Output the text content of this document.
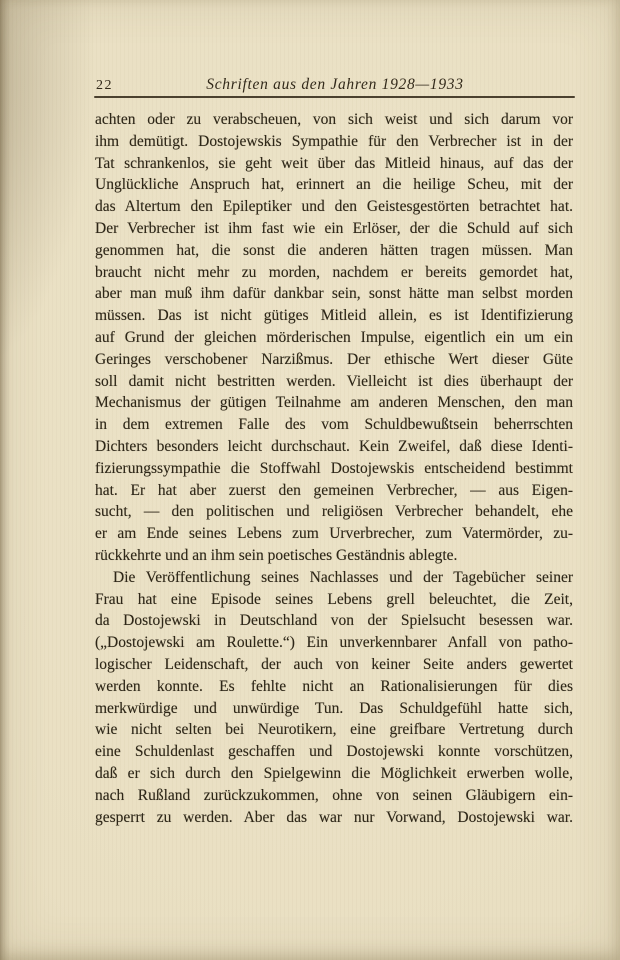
22	Schriften aus den Jahren 1928—1933
achten oder zu verabscheuen, von sich weist und sich darum vor
ihm demütigt. Dostojewskis Sympathie für den Verbrecher ist in der
Tat schrankenlos, sie geht weit über das Mitleid hinaus, auf das der
Unglückliche Anspruch hat, erinnert an die heilige Scheu, mit der
das Altertum den Epileptiker und den Geistesgestörten betrachtet hat.
Der Verbrecher ist ihm fast wie ein Erlöser, der die Schuld auf sich
genommen hat, die sonst die anderen hätten tragen müssen. Man
braucht nicht mehr zu morden, nachdem er bereits gemordet hat,
aber man muß ihm dafür dankbar sein, sonst hätte man selbst morden
müssen. Das ist nicht gütiges Mitleid allein, es ist Identifizierung
auf Grund der gleichen mörderischen Impulse, eigentlich ein um ein
Geringes verschobener Narzißmus. Der ethische Wert dieser Güte
soll damit nicht bestritten werden. Vielleicht ist dies überhaupt der
Mechanismus der gütigen Teilnahme am anderen Menschen, den man
in dem extremen Falle des vom Schuldbewußtsein beherrschten
Dichters besonders leicht durchschaut. Kein Zweifel, daß diese Identi-
fizierungssympathie die Stoffwahl Dostojewskis entscheidend bestimmt
hat. Er hat aber zuerst den gemeinen Verbrecher, — aus Eigen-
sucht, — den politischen und religiösen Verbrecher behandelt, ehe
er am Ende seines Lebens zum Urverbrecher, zum Vatermörder, zu-
rückkehrte und an ihm sein poetisches Geständnis ablegte.
Die Veröffentlichung seines Nachlasses und der Tagebücher seiner
Frau hat eine Episode seines Lebens grell beleuchtet, die Zeit,
da Dostojewski in Deutschland von der Spielsucht besessen war.
(„Dostojewski am Roulette.“) Ein unverkennbarer Anfall von patho-
logischer Leidenschaft, der auch von keiner Seite anders gewertet
werden konnte. Es fehlte nicht an Rationalisierungen für dies
merkwürdige und unwürdige Tun. Das Schuldgefühl hatte sich,
wie nicht selten bei Neurotikern, eine greifbare Vertretung durch
eine Schuldenlast geschaffen und Dostojewski konnte vorschützen,
daß er sich durch den Spielgewinn die Möglichkeit erwerben wolle,
nach Rußland zurückzukommen, ohne von seinen Gläubigern ein-
gesperrt zu werden. Aber das war nur Vorwand, Dostojewski war.
